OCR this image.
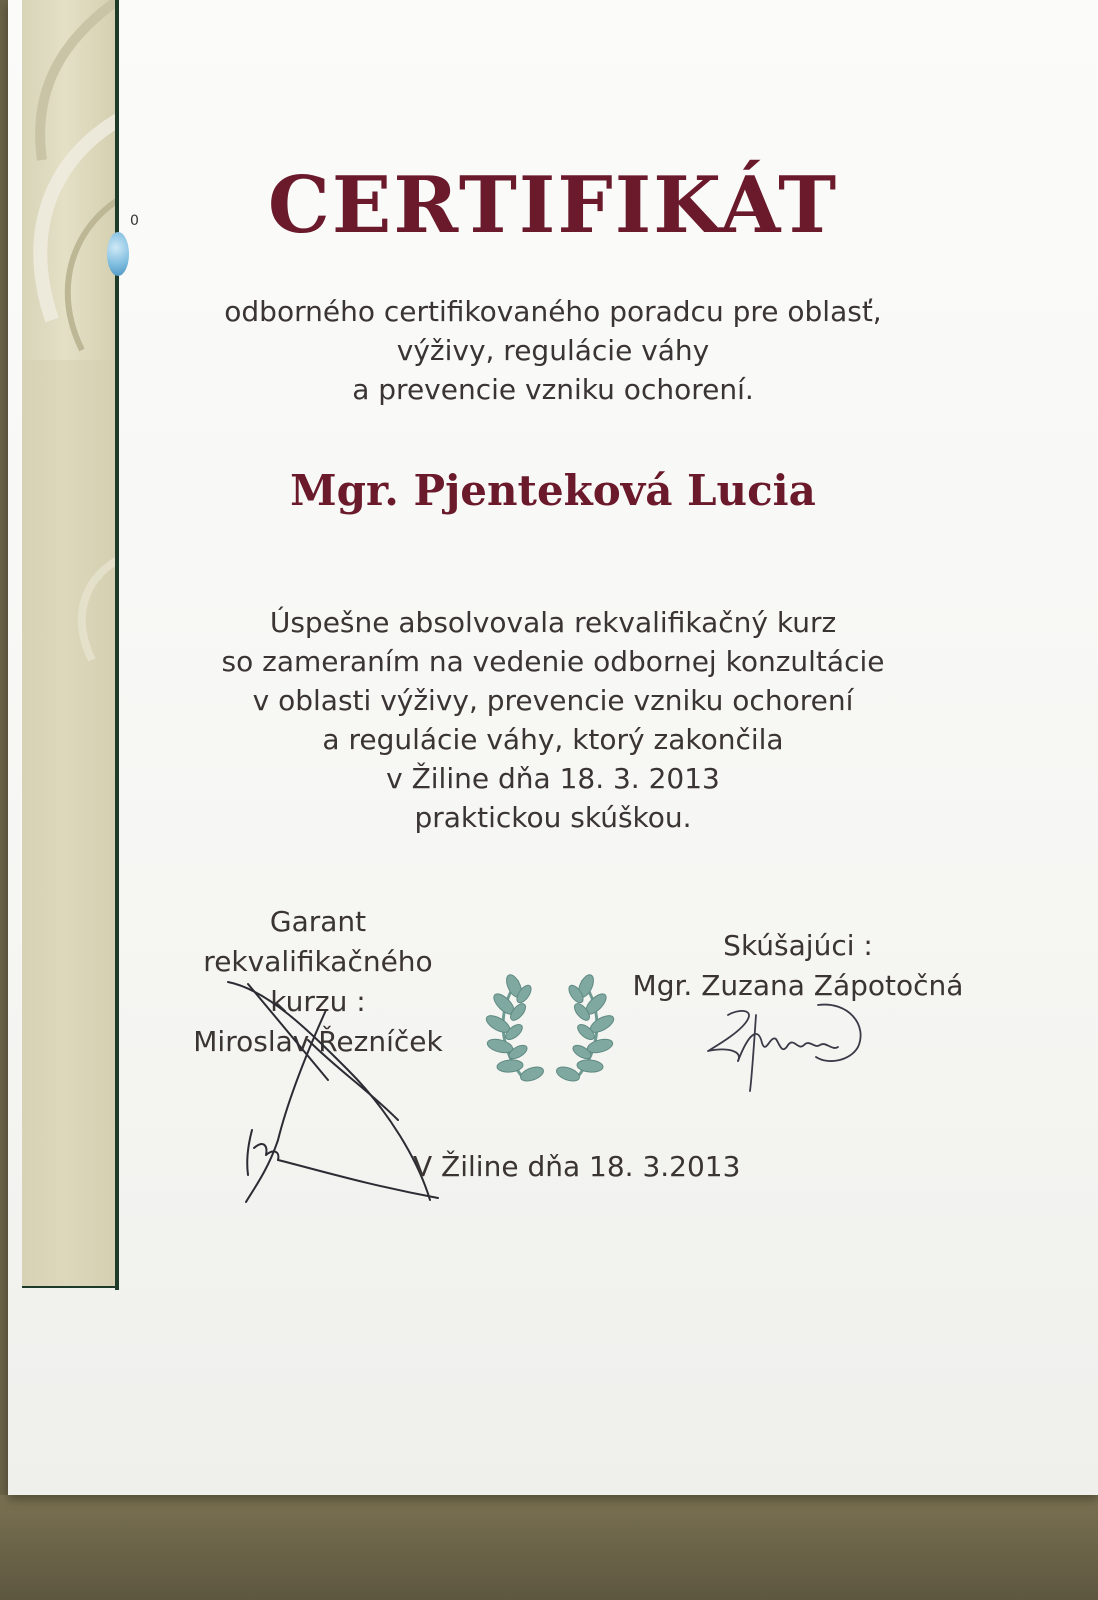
0	CERTIFIKÁT
odborného certifikovaného poradcu pre oblasť,
výživy, regulácie váhy
a prevencie vzniku ochorení.
Mgr. Pjenteková Lucia
Úspešne absolvovala rekvalifikačný kurz
so zameraním na vedenie odbornej konzultácie
v oblasti výživy, prevencie vzniku ochorení
a regulácie váhy, ktorý zakončila
v Žiline dňa 18. 3. 2013
praktickou skúškou.
Garant
rekvalifikačného
kurzu :
Miroslav Řezníček
Skúšajúci :
Mgr. Zuzana Zápotočná
V Žiline dňa 18. 3.2013
